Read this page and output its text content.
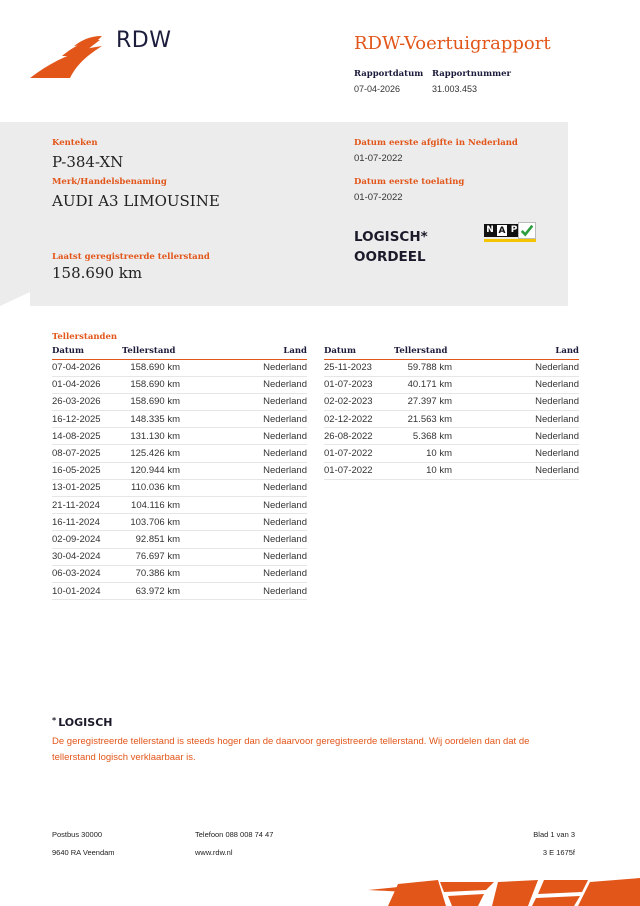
RDW	RDW-Voertuigrapport
Rapportdatum Rapportnummer
07-04-2026	31.003.453
Kenteken
P-384-XN
Merk/Handelsbenaming
AUDI A3 LIMOUSINE
Laatst geregistreerde tellerstand
158.690 km
Datum eerste afgifte in Nederland
01-07-2022
Datum eerste toelating
01-07-2022
LOGISCH*
OORDEEL
N A P
Tellerstanden
Datum	Tellerstand	Land
07-04-2026	158.690 km	Nederland
01-04-2026	158.690 km	Nederland
26-03-2026	158.690 km	Nederland
16-12-2025	148.335 km	Nederland
14-08-2025	131.130 km	Nederland
08-07-2025	125.426 km	Nederland
16-05-2025	120.944 km	Nederland
13-01-2025	110.036 km	Nederland
21-11-2024	104.116 km	Nederland
16-11-2024	103.706 km	Nederland
02-09-2024	92.851 km	Nederland
30-04-2024	76.697 km	Nederland
06-03-2024	70.386 km	Nederland
10-01-2024	63.972 km	Nederland
Datum	Tellerstand	Land
25-11-2023	59.788 km	Nederland
01-07-2023	40.171 km	Nederland
02-02-2023	27.397 km	Nederland
02-12-2022	21.563 km	Nederland
26-08-2022	5.368 km	Nederland
01-07-2022	10 km	Nederland
01-07-2022	10 km	Nederland
* LOGISCH
De geregistreerde tellerstand is steeds hoger dan de daarvoor geregistreerde tellerstand. Wij oordelen dan dat de tellerstand logisch verklaarbaar is.
Postbus 30000
9640 RA Veendam
Telefoon 088 008 74 47
www.rdw.nl
Blad 1 van 3
3 E 1675f
